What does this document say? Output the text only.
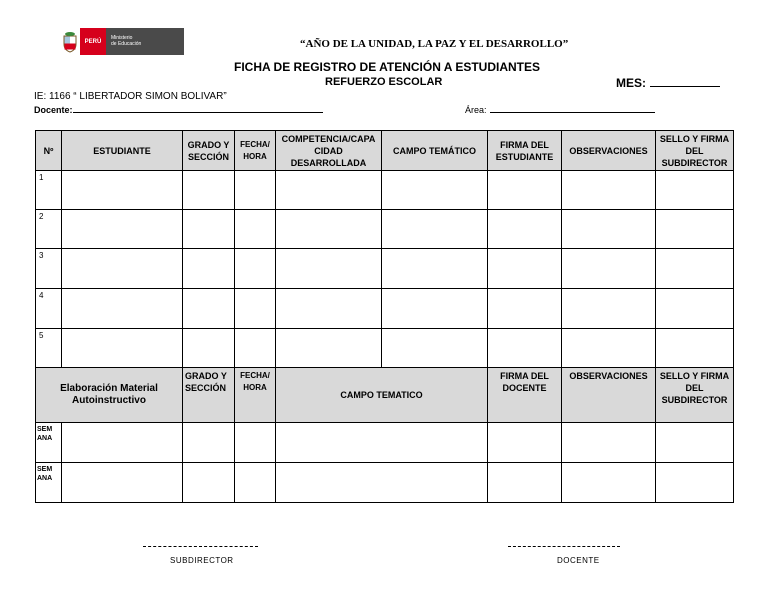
PERÚ
Ministerio
de Educación	“AÑO DE LA UNIDAD, LA PAZ Y EL DESARROLLO”
FICHA DE REGISTRO DE ATENCIÓN A ESTUDIANTES
REFUERZO ESCOLAR	MES:
IE: 1166 “ LIBERTADOR SIMON BOLIVAR”
Docente:	Área:
Nº	ESTUDIANTE	GRADO Y SECCIÓN	FECHA/ HORA	COMPETENCIA/CAPA CIDAD DESARROLLADA	CAMPO TEMÁTICO	FIRMA DEL ESTUDIANTE	OBSERVACIONES	SELLO Y FIRMA DEL SUBDIRECTOR
1								
2								
3								
4								
5								
Elaboración Material Autoinstructivo		GRADO Y SECCIÓN	FECHA/ HORA	CAMPO TEMATICO		FIRMA DEL DOCENTE	OBSERVACIONES	SELLO Y FIRMA DEL SUBDIRECTOR
SEM ANA								
SEM ANA								
SUBDIRECTOR	DOCENTE
